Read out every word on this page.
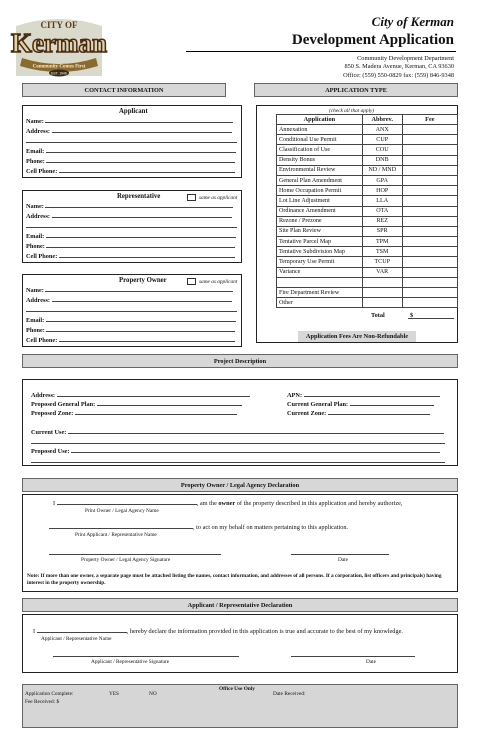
CITY OF
Kerman
Community Comes First
EST. 1946
City of Kerman
Development Application
Community Development Department
850 S. Madera Avenue, Kerman, CA 93630
Office: (559) 550-0829 fax: (559) 846-9348
CONTACT INFORMATION
Applicant
Name:
Address:
Email:
Phone:
Cell Phone:
Representative	same as applicant
Name:
Address:
Email:
Phone:
Cell Phone:
Property Owner	same as applicant
Name:
Address:
Email:
Phone:
Cell Phone:
APPLICATION TYPE
(check all that apply)
Application	Abbrev.	Fee
Annexation	ANX	
Conditional Use Permit	CUP	
Classification of Use	COU	
Density Bonus	DNB	
Environmental Review	ND / MND	
General Plan Amendment	GPA	
Home Occupation Permit	HOP	
Lot Line Adjustment	LLA	
Ordinance Amendment	OTA	
Rezone / Prezone	REZ	
Site Plan Review	SPR	
Tentative Parcel Map	TPM	
Tentative Subdivision Map	TSM	
Temporary Use Permit	TCUP	
Variance	VAR	

Fire Department Review		
Other		
Total	$
Application Fees Are Non-Refundable
Project Description
Address:
Proposed General Plan:
Proposed Zone:
APN:
Current General Plan:
Current Zone:
Current Use:
Proposed Use:
Property Owner / Legal Agency Declaration
I	, am the owner of the property described in this application and hereby authorize,
Print Owner / Legal Agency Name
, to act on my behalf on matters pertaining to this application.
Print Applicant / Representative Name
Property Owner / Legal Agency Signature	Date
Note: If more than one owner, a separate page must be attached listing the names, contact information, and addresses of all persons. If a corporation, list officers and principals) having interest in the property ownership.
Applicant / Representative Declaration
I	, hereby declare the information provided in this application is true and accurate to the best of my knowledge.
Applicant / Representative Name
Applicant / Representative Signature	Date
Office Use Only
Application Complete:	YES	NO	Date Received:
Fee Received: $
